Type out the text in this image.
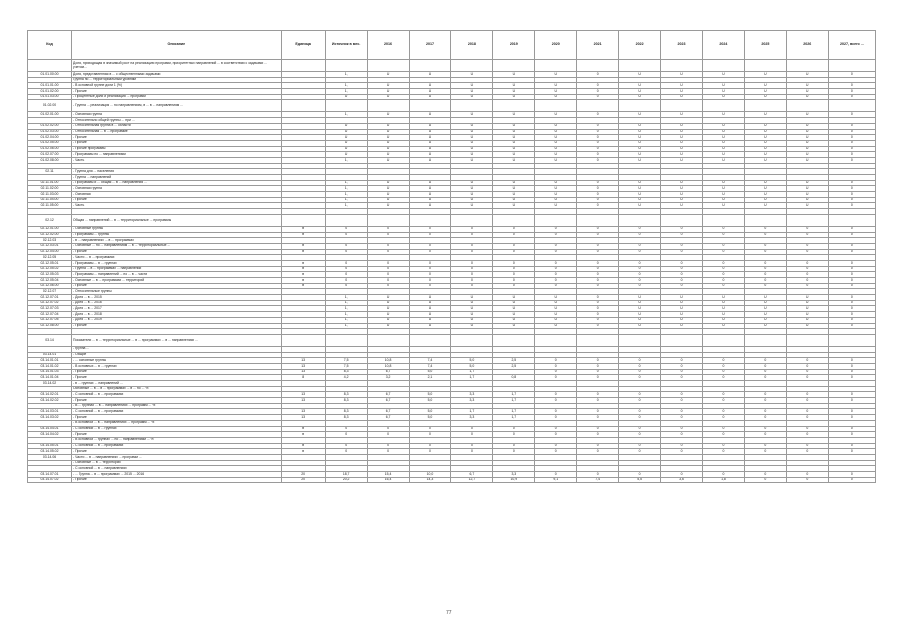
Код	Описание	Единица	Источник в мес.	2016	2017	2018	2019	2020	2021	2022	2023	2024	2025	2026	2027, всего ...
	Доля, приходящая в значимый рост на реализацию программ, приоритетных направлений ... в соответствии с задачами ... учетом...														
01.01.00.00	Доля, представленная в ... с общественными задачами		1,	U	U	U	U	U	0	U	U	U	U	U	0
	Группа по ... территориальным уровням														
01.01.01.00	- В основной группе доли 1 (%)		1,	U	U	U	U	U	0	U	U	U	U	U	0
01.01.02.00	- Прочие		1,	U	U	U	U	U	0	U	U	U	U	U	0
01.01.03.00	- Процентные доли и реализация ... программ		U	U	U	U	U	U	0	U	U	U	U	U	0
01.02.00	- Группа ... реализация ... по направлениям, в ... в ... направлениям ...														
01.02.01.00	- Основная группа		1,	U	U	U	U	U	0	U	U	U	U	U	0
	- Относительно общей группы ... при ...														
01.02.02.00	- Относительная группа в ... области		U	U	U	U	U	U	0	U	U	U	U	U	0
01.02.03.00	- Относительная ... в ... программе		U	U	U	U	U	U	0	U	U	U	U	U	0
01.02.04.00	- Прочие		U	U	U	U	U	U	0	U	U	U	U	U	0
01.02.05.00	- Прочие		U	U	U	U	U	U	0	U	U	U	U	U	0
01.02.06.00	- Прочие программы		U	U	U	U	U	U	0	U	U	U	U	U	0
01.02.07.00	- Программы по ... направлениям		U	U	U	U	U	U	0	U	U	U	U	U	0
01.02.08.00	- Часть		1,	U	U	U	U	U	0	U	U	U	U	U	0

02.11	- Группа для ... населения														
	- Группа ... направлений														
02.11.01.00	- Программы и ... общая ... в ... направления ...		1,	U	U	U	U	U	0	U	U	U	U	U	0
02.11.02.00	- Основная группа		1,	U	U	U	U	U	0	U	U	U	U	U	0
02.11.03.00	- Основная		1,	U	U	U	U	U	0	U	U	U	U	U	0
02.11.04.00	- Прочие		1,	U	U	U	U	U	0	U	U	U	U	U	0
02.11.05.00	- Часть		1,	U	U	U	U	U	0	U	U	U	U	U	0

02.12	Общая ... направлений ... в ... территориальные ... программы														
02.12.01.00	- Основные группы	в	0	0	0	0	0	0	0	0	0	0	0	0	0
02.12.02.00	- Программы ... группы	в	0	0	0	0	0	0	0	0	0	0	0	0	0
02.12.03	- в ... направлениях ... в ... программах														
02.12.03.01	- Основные ... по ... направлениям ... в ... территориальные ...	в	0	0	0	0	0	0	0	0	0	0	0	0	0
02.12.04.00	- Прочие	в	0	0	0	0	0	0	0	0	0	0	0	0	0
02.12.05	- Части ... в ... программах														
02.12.05.01	- Программы ... в ... группах	в	0	0	0	0	0	0	0	0	0	0	0	0	0
02.12.05.02	- Группа ... в ... программах ... направлений	в	0	0	0	0	0	0	0	0	0	0	0	0	0
02.12.05.03	- Программы ... направлений ... по ... в ... части	в	0	0	0	0	0	0	0	0	0	0	0	0	0
02.12.05.04	- Основные ... в ... программах ... территорий	в	0	0	0	0	0	0	0	0	0	0	0	0	0
02.12.06.00	- Прочие	в	0	0	0	0	0	0	0	0	0	0	0	0	0
02.12.07	- Относительные группы														
02.12.07.01	- Доля ... в ... 2015		1,	U	U	U	U	U	0	U	U	U	U	U	0
02.12.07.02	- Доля ... в ... 2016		1,	U	U	U	U	U	0	U	U	U	U	U	0
02.12.07.03	- Доля ... в ... 2017		1,	U	U	U	U	U	0	U	U	U	U	U	0
02.12.07.04	- Доля ... в ... 2018		1,	U	U	U	U	U	0	U	U	U	U	U	0
02.12.07.05	- Доля ... в ... 2019		1,	U	U	U	U	U	0	U	U	U	U	U	0
02.12.08.00	- Прочие		1,	U	U	U	U	U	0	U	U	U	U	U	0

03.14	Показатели ... в ... территориальные ... в ... программах ... в ... направлениях ...														
	- группа ...														
03.14.01	- Общие														
03.14.01.01	- ... основные группы	13	7,5	10,8	7,4	5,0	2,5	0	0	0	0	0	0	0	0
03.14.01.02	- В основных ... в ... группах	13	7,5	10,8	7,4	5,0	2,5	0	0	0	0	0	0	0	0
03.14.01.03	- Прочие	13	8,3	6,7	5,0	1,7		0	0	0	0	0	0	0	0
03.14.01.04	- Прочие	8	4,2	3,2	2,1	1,7	0,8	0	0	0	0	0	0	0	0
03.14.02	- в ... группах ... направлений ...														
	Основные ... в ... в ... программах ... в ... по ... %														
03.14.02.01	- С основной ... в ... программах	13	8,3	6,7	5,0	3,3	1,7	0	0	0	0	0	0	0	0
03.14.02.02	- Прочие	13	8,3	6,7	5,0	3,3	1,7	0	0	0	0	0	0	0	0
	- В ... группах ... в ... направлениях ... программ ... %														
03.14.03.01	- С основной ... в ... программах	13	8,3	6,7	5,0	1,7	1,7	0	0	0	0	0	0	0	0
03.14.03.02	- Прочие	13	8,3	6,7	5,0	3,3	1,7	0	0	0	0	0	0	0	0
	- В основной ... в ... направлениях ... программ ... %														
03.14.04.01	- С основной ... в ... группах	в	0	0	0	0	0	0	0	0	0	0	0	0	0
03.14.04.02	- Прочие	в	0	0	0	0	0	0	0	0	0	0	0	0	0
	- В основной ... группах ... по ... направлениям ... %														
03.14.05.01	- С основной ... в ... программах	в	0	0	0	0	0	0	0	0	0	0	0	0	0
03.14.05.02	- Прочие	в	0	0	0	0	0	0	0	0	0	0	0	0	0
03.14.06	- Части ... в ... направлениях ... программ ...														
	- Основные ... в ... территории														
	- С основной ... в ... направлениях														
03.14.07.01	- ... Группа ... в ... программах ... 2015 ... 2016	20	18,7	15,4	10,0	6,7	3,3	0	0	0	0	0	0	0	0
03.14.07.02	- Прочие	20	20,2	16,4	14,3	12,7	10,9	9,1	7,4	5,5	3,6	1,8	0	0	0
77
